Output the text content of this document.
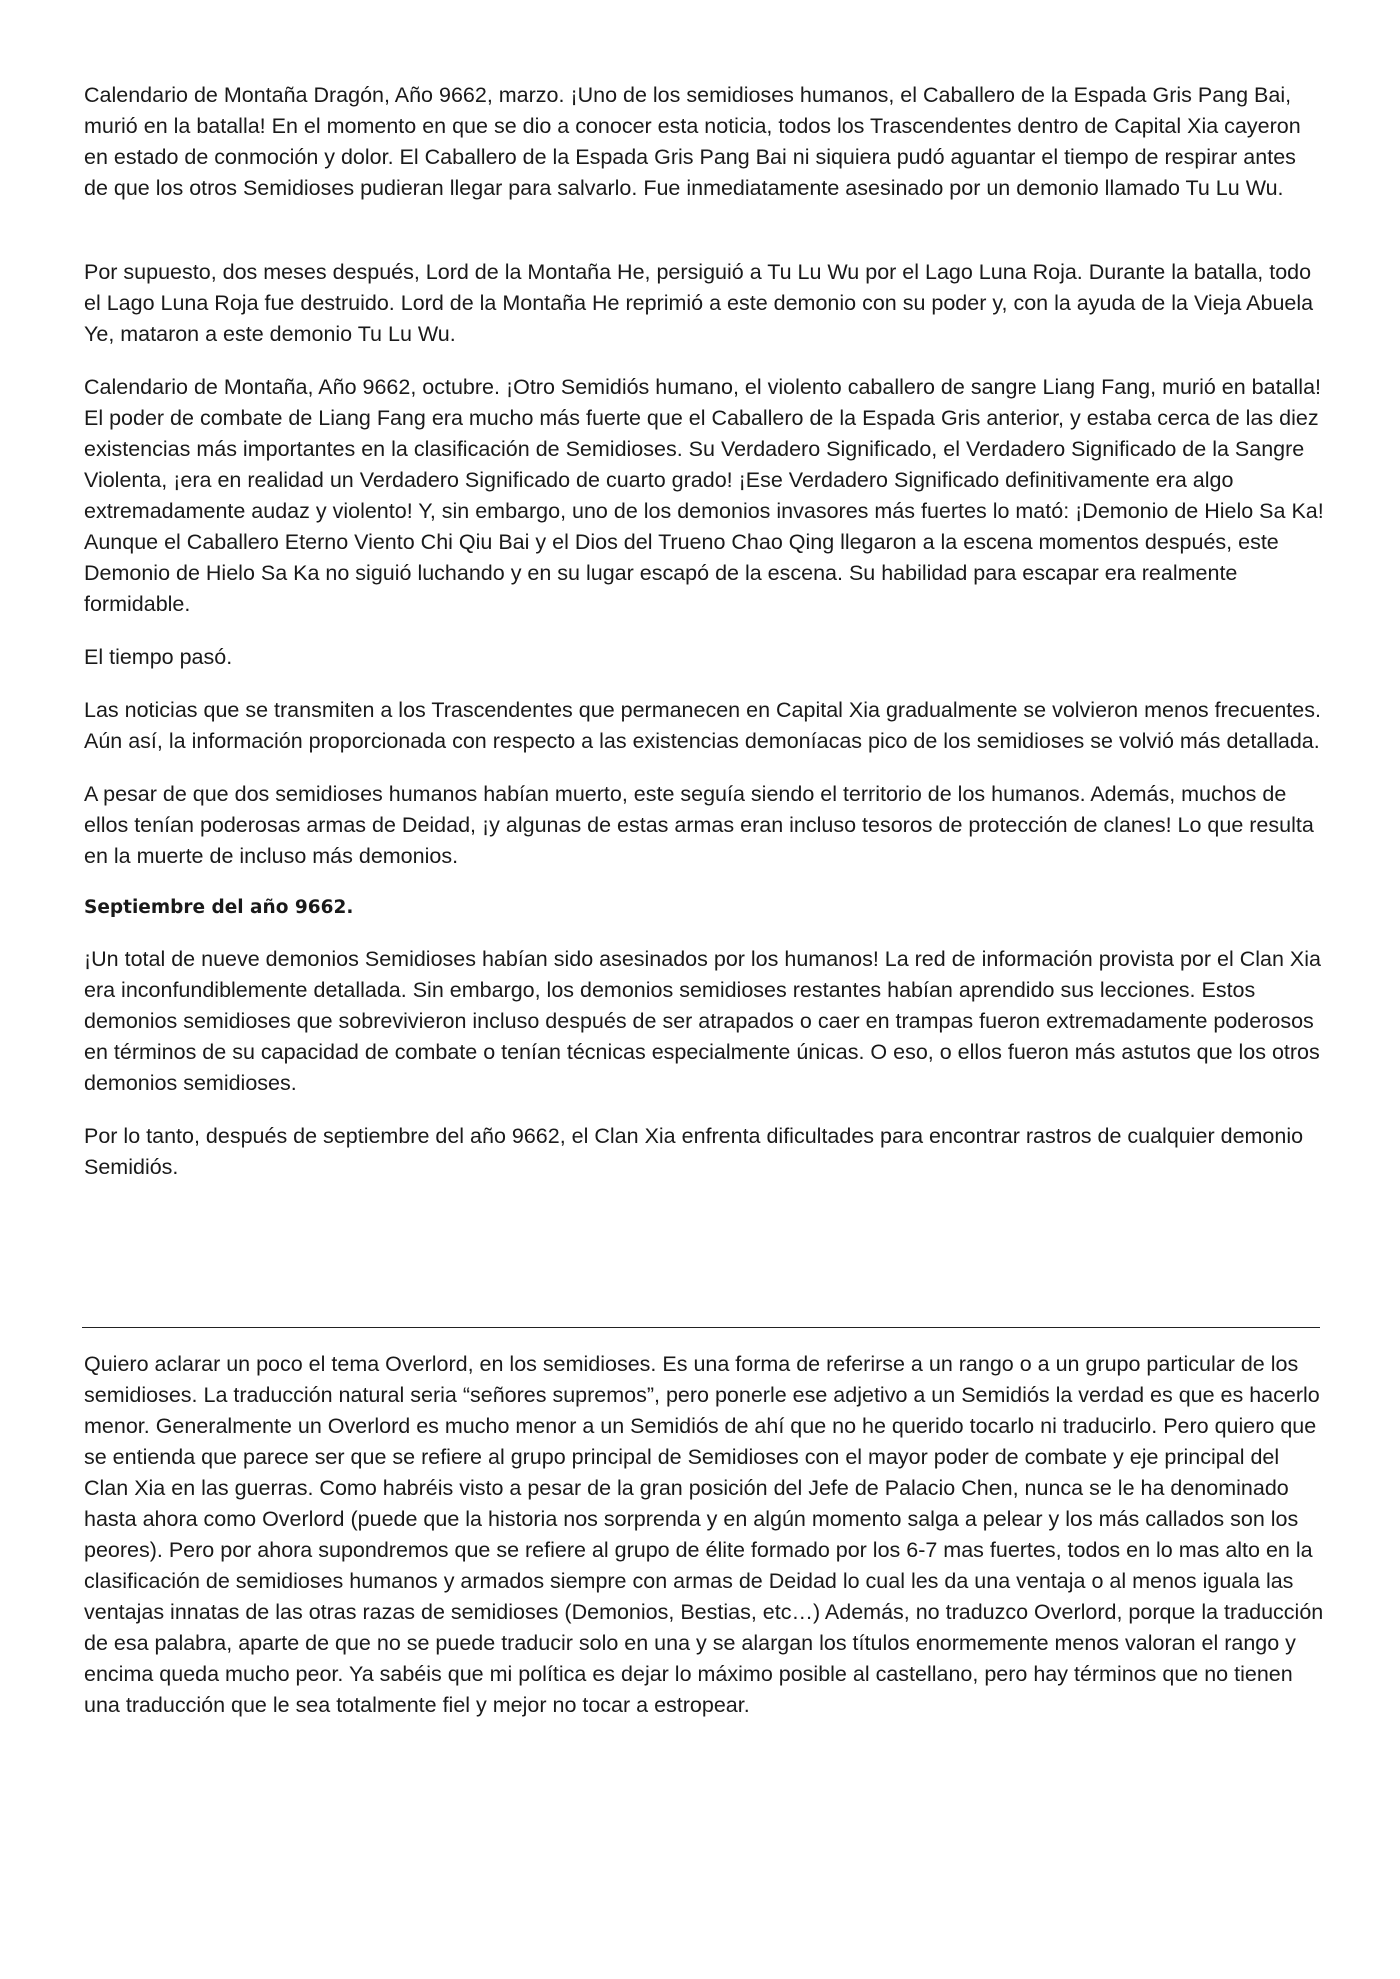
Calendario de Montaña Dragón, Año 9662, marzo. ¡Uno de los semidioses humanos, el Caballero de la Espada Gris Pang Bai, murió en la batalla! En el momento en que se dio a conocer esta noticia, todos los Trascendentes dentro de Capital Xia cayeron en estado de conmoción y dolor. El Caballero de la Espada Gris Pang Bai ni siquiera pudó aguantar el tiempo de respirar antes de que los otros Semidioses pudieran llegar para salvarlo. Fue inmediatamente asesinado por un demonio llamado Tu Lu Wu.

Por supuesto, dos meses después, Lord de la Montaña He, persiguió a Tu Lu Wu por el Lago Luna Roja. Durante la batalla, todo el Lago Luna Roja fue destruido. Lord de la Montaña He reprimió a este demonio con su poder y, con la ayuda de la Vieja Abuela Ye, mataron a este demonio Tu Lu Wu.

Calendario de Montaña, Año 9662, octubre. ¡Otro Semidiós humano, el violento caballero de sangre Liang Fang, murió en batalla! El poder de combate de Liang Fang era mucho más fuerte que el Caballero de la Espada Gris anterior, y estaba cerca de las diez existencias más importantes en la clasificación de Semidioses. Su Verdadero Significado, el Verdadero Significado de la Sangre Violenta, ¡era en realidad un Verdadero Significado de cuarto grado! ¡Ese Verdadero Significado definitivamente era algo extremadamente audaz y violento! Y, sin embargo, uno de los demonios invasores más fuertes lo mató: ¡Demonio de Hielo Sa Ka! Aunque el Caballero Eterno Viento Chi Qiu Bai y el Dios del Trueno Chao Qing llegaron a la escena momentos después, este Demonio de Hielo Sa Ka no siguió luchando y en su lugar escapó de la escena. Su habilidad para escapar era realmente formidable.

El tiempo pasó.

Las noticias que se transmiten a los Trascendentes que permanecen en Capital Xia gradualmente se volvieron menos frecuentes. Aún así, la información proporcionada con respecto a las existencias demoníacas pico de los semidioses se volvió más detallada.

A pesar de que dos semidioses humanos habían muerto, este seguía siendo el territorio de los humanos. Además, muchos de ellos tenían poderosas armas de Deidad, ¡y algunas de estas armas eran incluso tesoros de protección de clanes! Lo que resulta en la muerte de incluso más demonios.

Septiembre del año 9662.

¡Un total de nueve demonios Semidioses habían sido asesinados por los humanos! La red de información provista por el Clan Xia era inconfundiblemente detallada. Sin embargo, los demonios semidioses restantes habían aprendido sus lecciones. Estos demonios semidioses que sobrevivieron incluso después de ser atrapados o caer en trampas fueron extremadamente poderosos en términos de su capacidad de combate o tenían técnicas especialmente únicas. O eso, o ellos fueron más astutos que los otros demonios semidioses.

Por lo tanto, después de septiembre del año 9662, el Clan Xia enfrenta dificultades para encontrar rastros de cualquier demonio Semidiós.

Quiero aclarar un poco el tema Overlord, en los semidioses. Es una forma de referirse a un rango o a un grupo particular de los semidioses. La traducción natural seria “señores supremos”, pero ponerle ese adjetivo a un Semidiós la verdad es que es hacerlo menor. Generalmente un Overlord es mucho menor a un Semidiós de ahí que no he querido tocarlo ni traducirlo. Pero quiero que se entienda que parece ser que se refiere al grupo principal de Semidioses con el mayor poder de combate y eje principal del Clan Xia en las guerras. Como habréis visto a pesar de la gran posición del Jefe de Palacio Chen, nunca se le ha denominado hasta ahora como Overlord (puede que la historia nos sorprenda y en algún momento salga a pelear y los más callados son los peores). Pero por ahora supondremos que se refiere al grupo de élite formado por los 6-7 mas fuertes, todos en lo mas alto en la clasificación de semidioses humanos y armados siempre con armas de Deidad lo cual les da una ventaja o al menos iguala las ventajas innatas de las otras razas de semidioses (Demonios, Bestias, etc…) Además, no traduzco Overlord, porque la traducción de esa palabra, aparte de que no se puede traducir solo en una y se alargan los títulos enormemente menos valoran el rango y encima queda mucho peor. Ya sabéis que mi política es dejar lo máximo posible al castellano, pero hay términos que no tienen una traducción que le sea totalmente fiel y mejor no tocar a estropear.
